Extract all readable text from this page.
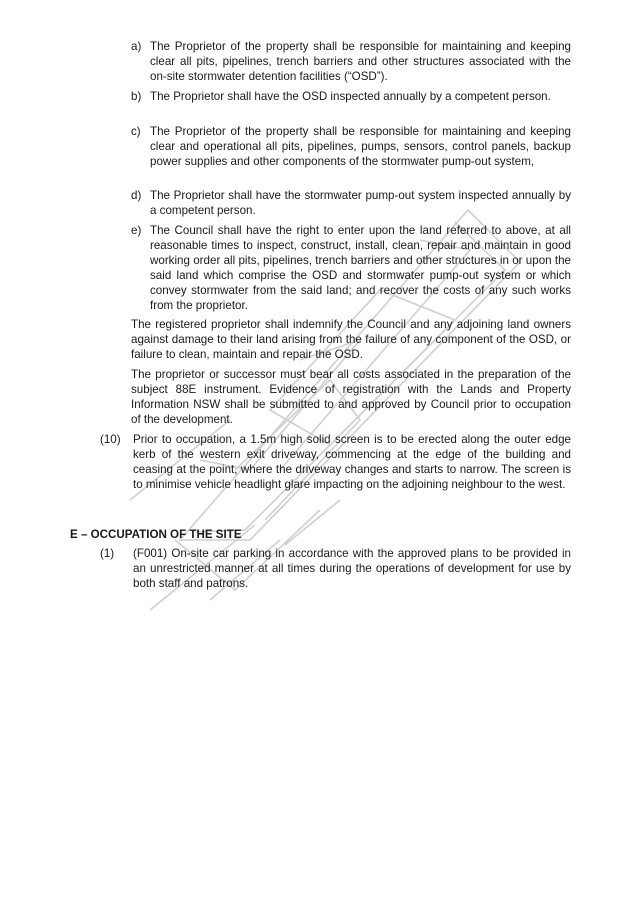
a) The Proprietor of the property shall be responsible for maintaining and keeping clear all pits, pipelines, trench barriers and other structures associated with the on-site stormwater detention facilities (“OSD”).

b) The Proprietor shall have the OSD inspected annually by a competent person.

c) The Proprietor of the property shall be responsible for maintaining and keeping clear and operational all pits, pipelines, pumps, sensors, control panels, backup power supplies and other components of the stormwater pump-out system,

d) The Proprietor shall have the stormwater pump-out system inspected annually by a competent person.

e) The Council shall have the right to enter upon the land referred to above, at all reasonable times to inspect, construct, install, clean, repair and maintain in good working order all pits, pipelines, trench barriers and other structures in or upon the said land which comprise the OSD and stormwater pump-out system or which convey stormwater from the said land; and recover the costs of any such works from the proprietor.

The registered proprietor shall indemnify the Council and any adjoining land owners against damage to their land arising from the failure of any component of the OSD, or failure to clean, maintain and repair the OSD.

The proprietor or successor must bear all costs associated in the preparation of the subject 88E instrument. Evidence of registration with the Lands and Property Information NSW shall be submitted to and approved by Council prior to occupation of the development.

(10) Prior to occupation, a 1.5m high solid screen is to be erected along the outer edge kerb of the western exit driveway, commencing at the edge of the building and ceasing at the point, where the driveway changes and starts to narrow. The screen is to minimise vehicle headlight glare impacting on the adjoining neighbour to the west.

E – OCCUPATION OF THE SITE

(1) (F001) On-site car parking in accordance with the approved plans to be provided in an unrestricted manner at all times during the operations of development for use by both staff and patrons.
